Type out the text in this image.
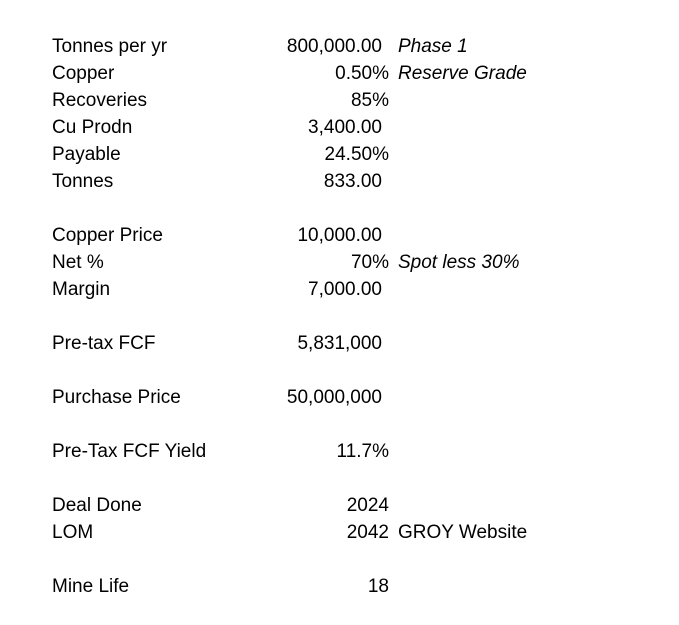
Tonnes per yr	800,000.00 Phase 1
Copper	0.50% Reserve Grade
Recoveries	85%
Cu Prodn	3,400.00
Payable	24.50%
Tonnes	833.00
Copper Price	10,000.00
Net %	70% Spot less 30%
Margin	7,000.00
Pre-tax FCF	5,831,000
Purchase Price	50,000,000
Pre-Tax FCF Yield	11.7%
Deal Done	2024
LOM	2042 GROY Website
Mine Life	18
